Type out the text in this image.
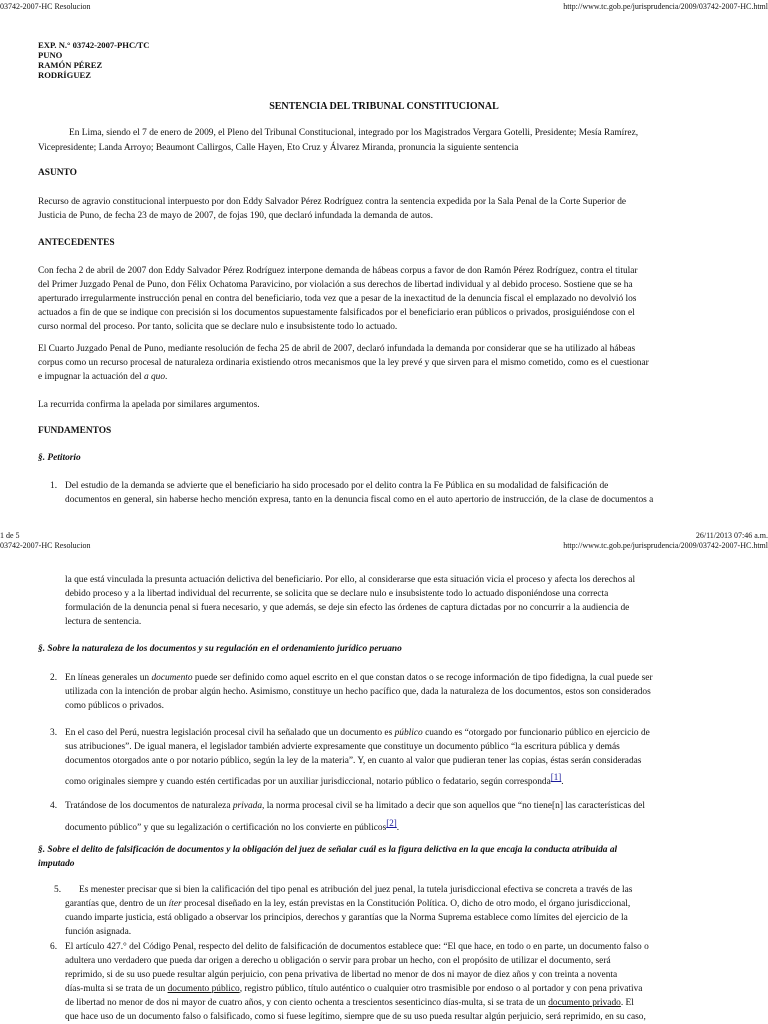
03742-2007-HC Resolucion	http://www.tc.gob.pe/jurisprudencia/2009/03742-2007-HC.html
EXP. N.° 03742-2007-PHC/TC
PUNO
RAMÓN PÉREZ
RODRÍGUEZ
SENTENCIA DEL TRIBUNAL CONSTITUCIONAL
En Lima, siendo el 7 de enero de 2009, el Pleno del Tribunal Constitucional, integrado por los Magistrados Vergara Gotelli, Presidente; Mesía Ramírez,
Vicepresidente; Landa Arroyo; Beaumont Callirgos, Calle Hayen, Eto Cruz y Álvarez Miranda, pronuncia la siguiente sentencia
ASUNTO
Recurso de agravio constitucional interpuesto por don Eddy Salvador Pérez Rodríguez contra la sentencia expedida por la Sala Penal de la Corte Superior de
Justicia de Puno, de fecha 23 de mayo de 2007, de fojas 190, que declaró infundada la demanda de autos.
ANTECEDENTES
Con fecha 2 de abril de 2007 don Eddy Salvador Pérez Rodríguez interpone demanda de hábeas corpus a favor de don Ramón Pérez Rodríguez, contra el titular
del Primer Juzgado Penal de Puno, don Félix Ochatoma Paravicino, por violación a sus derechos de libertad individual y al debido proceso. Sostiene que se ha
aperturado irregularmente instrucción penal en contra del beneficiario, toda vez que a pesar de la inexactitud de la denuncia fiscal el emplazado no devolvió los
actuados a fin de que se indique con precisión si los documentos supuestamente falsificados por el beneficiario eran públicos o privados, prosiguiéndose con el
curso normal del proceso. Por tanto, solicita que se declare nulo e insubsistente todo lo actuado.
El Cuarto Juzgado Penal de Puno, mediante resolución de fecha 25 de abril de 2007, declaró infundada la demanda por considerar que se ha utilizado al hábeas
corpus como un recurso procesal de naturaleza ordinaria existiendo otros mecanismos que la ley prevé y que sirven para el mismo cometido, como es el cuestionar
e impugnar la actuación del a quo.
La recurrida confirma la apelada por similares argumentos.
FUNDAMENTOS
§. Petitorio
1. Del estudio de la demanda se advierte que el beneficiario ha sido procesado por el delito contra la Fe Pública en su modalidad de falsificación de
documentos en general, sin haberse hecho mención expresa, tanto en la denuncia fiscal como en el auto apertorio de instrucción, de la clase de documentos a
1 de 5	26/11/2013 07:46 a.m.
03742-2007-HC Resolucion	http://www.tc.gob.pe/jurisprudencia/2009/03742-2007-HC.html
la que está vinculada la presunta actuación delictiva del beneficiario. Por ello, al considerarse que esta situación vicia el proceso y afecta los derechos al
debido proceso y a la libertad individual del recurrente, se solicita que se declare nulo e insubsistente todo lo actuado disponiéndose una correcta
formulación de la denuncia penal si fuera necesario, y que además, se deje sin efecto las órdenes de captura dictadas por no concurrir a la audiencia de
lectura de sentencia.
§. Sobre la naturaleza de los documentos y su regulación en el ordenamiento jurídico peruano
2. En líneas generales un documento puede ser definido como aquel escrito en el que constan datos o se recoge información de tipo fidedigna, la cual puede ser
utilizada con la intención de probar algún hecho. Asimismo, constituye un hecho pacífico que, dada la naturaleza de los documentos, estos son considerados
como públicos o privados.
3. En el caso del Perú, nuestra legislación procesal civil ha señalado que un documento es público cuando es “otorgado por funcionario público en ejercicio de
sus atribuciones”. De igual manera, el legislador también advierte expresamente que constituye un documento público “la escritura pública y demás
documentos otorgados ante o por notario público, según la ley de la materia”. Y, en cuanto al valor que pudieran tener las copias, éstas serán consideradas
como originales siempre y cuando estén certificadas por un auxiliar jurisdiccional, notario público o fedatario, según corresponda[1].
4. Tratándose de los documentos de naturaleza privada, la norma procesal civil se ha limitado a decir que son aquellos que “no tiene[n] las características del
documento público” y que su legalización o certificación no los convierte en públicos[2].
§. Sobre el delito de falsificación de documentos y la obligación del juez de señalar cuál es la figura delictiva en la que encaja la conducta atribuida al
imputado
5. Es menester precisar que si bien la calificación del tipo penal es atribución del juez penal, la tutela jurisdiccional efectiva se concreta a través de las
garantías que, dentro de un íter procesal diseñado en la ley, están previstas en la Constitución Política. O, dicho de otro modo, el órgano jurisdiccional,
cuando imparte justicia, está obligado a observar los principios, derechos y garantías que la Norma Suprema establece como límites del ejercicio de la
función asignada.
6. El artículo 427.° del Código Penal, respecto del delito de falsificación de documentos establece que: “El que hace, en todo o en parte, un documento falso o
adultera uno verdadero que pueda dar origen a derecho u obligación o servir para probar un hecho, con el propósito de utilizar el documento, será
reprimido, si de su uso puede resultar algún perjuicio, con pena privativa de libertad no menor de dos ni mayor de diez años y con treinta a noventa
días-multa si se trata de un documento público, registro público, título auténtico o cualquier otro trasmisible por endoso o al portador y con pena privativa
de libertad no menor de dos ni mayor de cuatro años, y con ciento ochenta a trescientos sesenticinco días-multa, si se trata de un documento privado. El
que hace uso de un documento falso o falsificado, como si fuese legítimo, siempre que de su uso pueda resultar algún perjuicio, será reprimido, en su caso,
